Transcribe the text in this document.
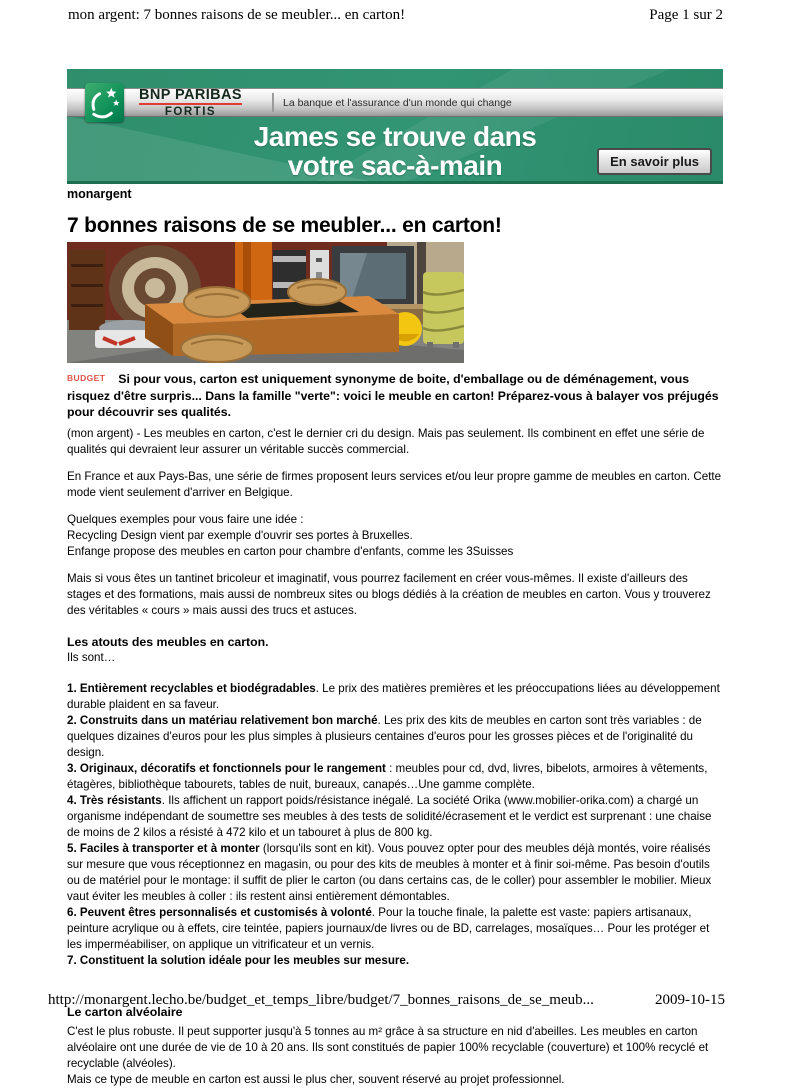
mon argent: 7 bonnes raisons de se meubler... en carton!	Page 1 sur 2
BNP PARIBAS
FORTIS
La banque et l'assurance d'un monde qui change
James se trouve dans
votre sac-à-main	En savoir plus
monargent
7 bonnes raisons de se meubler... en carton!

BUDGET Si pour vous, carton est uniquement synonyme de boite, d'emballage ou de déménagement, vous risquez d'être surpris... Dans la famille "verte": voici le meuble en carton! Préparez-vous à balayer vos préjugés pour découvrir ses qualités.

(mon argent) - Les meubles en carton, c'est le dernier cri du design. Mais pas seulement. Ils combinent en effet une série de qualités qui devraient leur assurer un véritable succès commercial.

En France et aux Pays-Bas, une série de firmes proposent leurs services et/ou leur propre gamme de meubles en carton. Cette mode vient seulement d'arriver en Belgique.

Quelques exemples pour vous faire une idée :
Recycling Design vient par exemple d'ouvrir ses portes à Bruxelles.
Enfange propose des meubles en carton pour chambre d'enfants, comme les 3Suisses

Mais si vous êtes un tantinet bricoleur et imaginatif, vous pourrez facilement en créer vous-mêmes. Il existe d'ailleurs des stages et des formations, mais aussi de nombreux sites ou blogs dédiés à la création de meubles en carton. Vous y trouverez des véritables « cours » mais aussi des trucs et astuces.

Les atouts des meubles en carton.
Ils sont…
1. Entièrement recyclables et biodégradables. Le prix des matières premières et les préoccupations liées au développement durable plaident en sa faveur.
2. Construits dans un matériau relativement bon marché. Les prix des kits de meubles en carton sont très variables : de quelques dizaines d'euros pour les plus simples à plusieurs centaines d'euros pour les grosses pièces et de l'originalité du design.
3. Originaux, décoratifs et fonctionnels pour le rangement : meubles pour cd, dvd, livres, bibelots, armoires à vêtements, étagères, bibliothèque tabourets, tables de nuit, bureaux, canapés…Une gamme complète.
4. Très résistants. Ils affichent un rapport poids/résistance inégalé. La société Orika (www.mobilier-orika.com) a chargé un organisme indépendant de soumettre ses meubles à des tests de solidité/écrasement et le verdict est surprenant : une chaise de moins de 2 kilos a résisté à 472 kilo et un tabouret à plus de 800 kg.
5. Faciles à transporter et à monter (lorsqu'ils sont en kit). Vous pouvez opter pour des meubles déjà montés, voire réalisés sur mesure que vous réceptionnez en magasin, ou pour des kits de meubles à monter et à finir soi-même. Pas besoin d'outils ou de matériel pour le montage: il suffit de plier le carton (ou dans certains cas, de le coller) pour assembler le mobilier. Mieux vaut éviter les meubles à coller : ils restent ainsi entièrement démontables.
6. Peuvent êtres personnalisés et customisés à volonté. Pour la touche finale, la palette est vaste: papiers artisanaux, peinture acrylique ou à effets, cire teintée, papiers journaux/de livres ou de BD, carrelages, mosaïques… Pour les protéger et les imperméabiliser, on applique un vitrificateur et un vernis.
7. Constituent la solution idéale pour les meubles sur mesure.
Le carton alvéolaire
C'est le plus robuste. Il peut supporter jusqu'à 5 tonnes au m² grâce à sa structure en nid d'abeilles. Les meubles en carton alvéolaire ont une durée de vie de 10 à 20 ans. Ils sont constitués de papier 100% recyclable (couverture) et 100% recyclé et recyclable (alvéoles).
Mais ce type de meuble en carton est aussi le plus cher, souvent réservé au projet professionnel.
http://monargent.lecho.be/budget_et_temps_libre/budget/7_bonnes_raisons_de_se_meub...	2009-10-15
